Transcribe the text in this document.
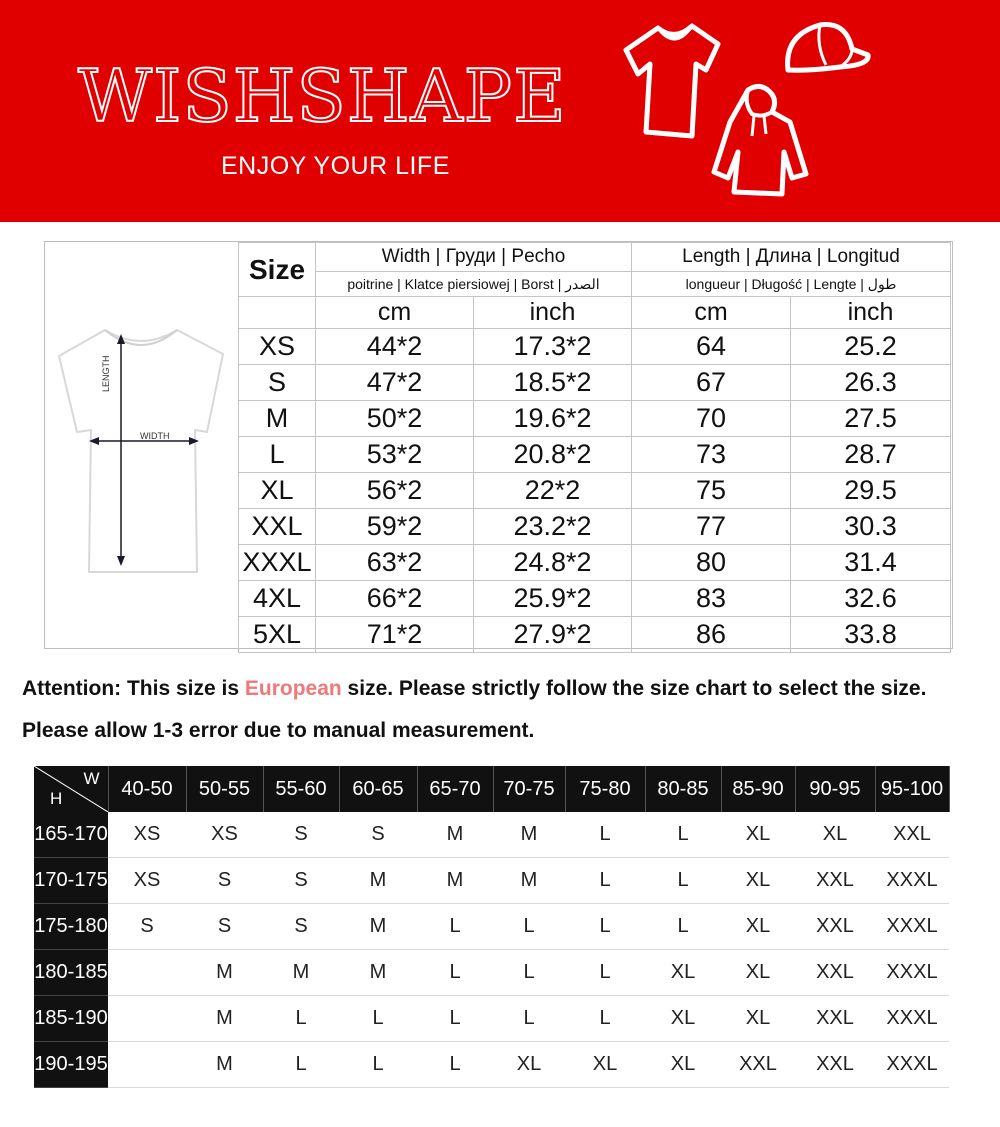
WISHSHAPE
ENJOY YOUR LIFE
LENGTH
WIDTH
Size	Width | Груди | Pecho		Length | Длина | Longitud	
	poitrine | Klatce piersiowej | Borst | الصدر		longueur | Długość | Lengte | طول	
	cm	inch	cm	inch
XS	44*2	17.3*2	64	25.2
S	47*2	18.5*2	67	26.3
M	50*2	19.6*2	70	27.5
L	53*2	20.8*2	73	28.7
XL	56*2	22*2	75	29.5
XXL	59*2	23.2*2	77	30.3
XXXL	63*2	24.8*2	80	31.4
4XL	66*2	25.9*2	83	32.6
5XL	71*2	27.9*2	86	33.8
Attention: This size is European size. Please strictly follow the size chart to select the size. Please allow 1-3 error due to manual measurement.
W
H	40-50	50-55	55-60	60-65	65-70	70-75	75-80	80-85	85-90	90-95	95-100
165-170	XS	XS	S	S	M	M	L	L	XL	XL	XXL
170-175	XS	S	S	M	M	M	L	L	XL	XXL	XXXL
175-180	S	S	S	M	L	L	L	L	XL	XXL	XXXL
180-185		M	M	M	L	L	L	XL	XL	XXL	XXXL
185-190		M	L	L	L	L	L	XL	XL	XXL	XXXL
190-195		M	L	L	L	XL	XL	XL	XXL	XXL	XXXL
